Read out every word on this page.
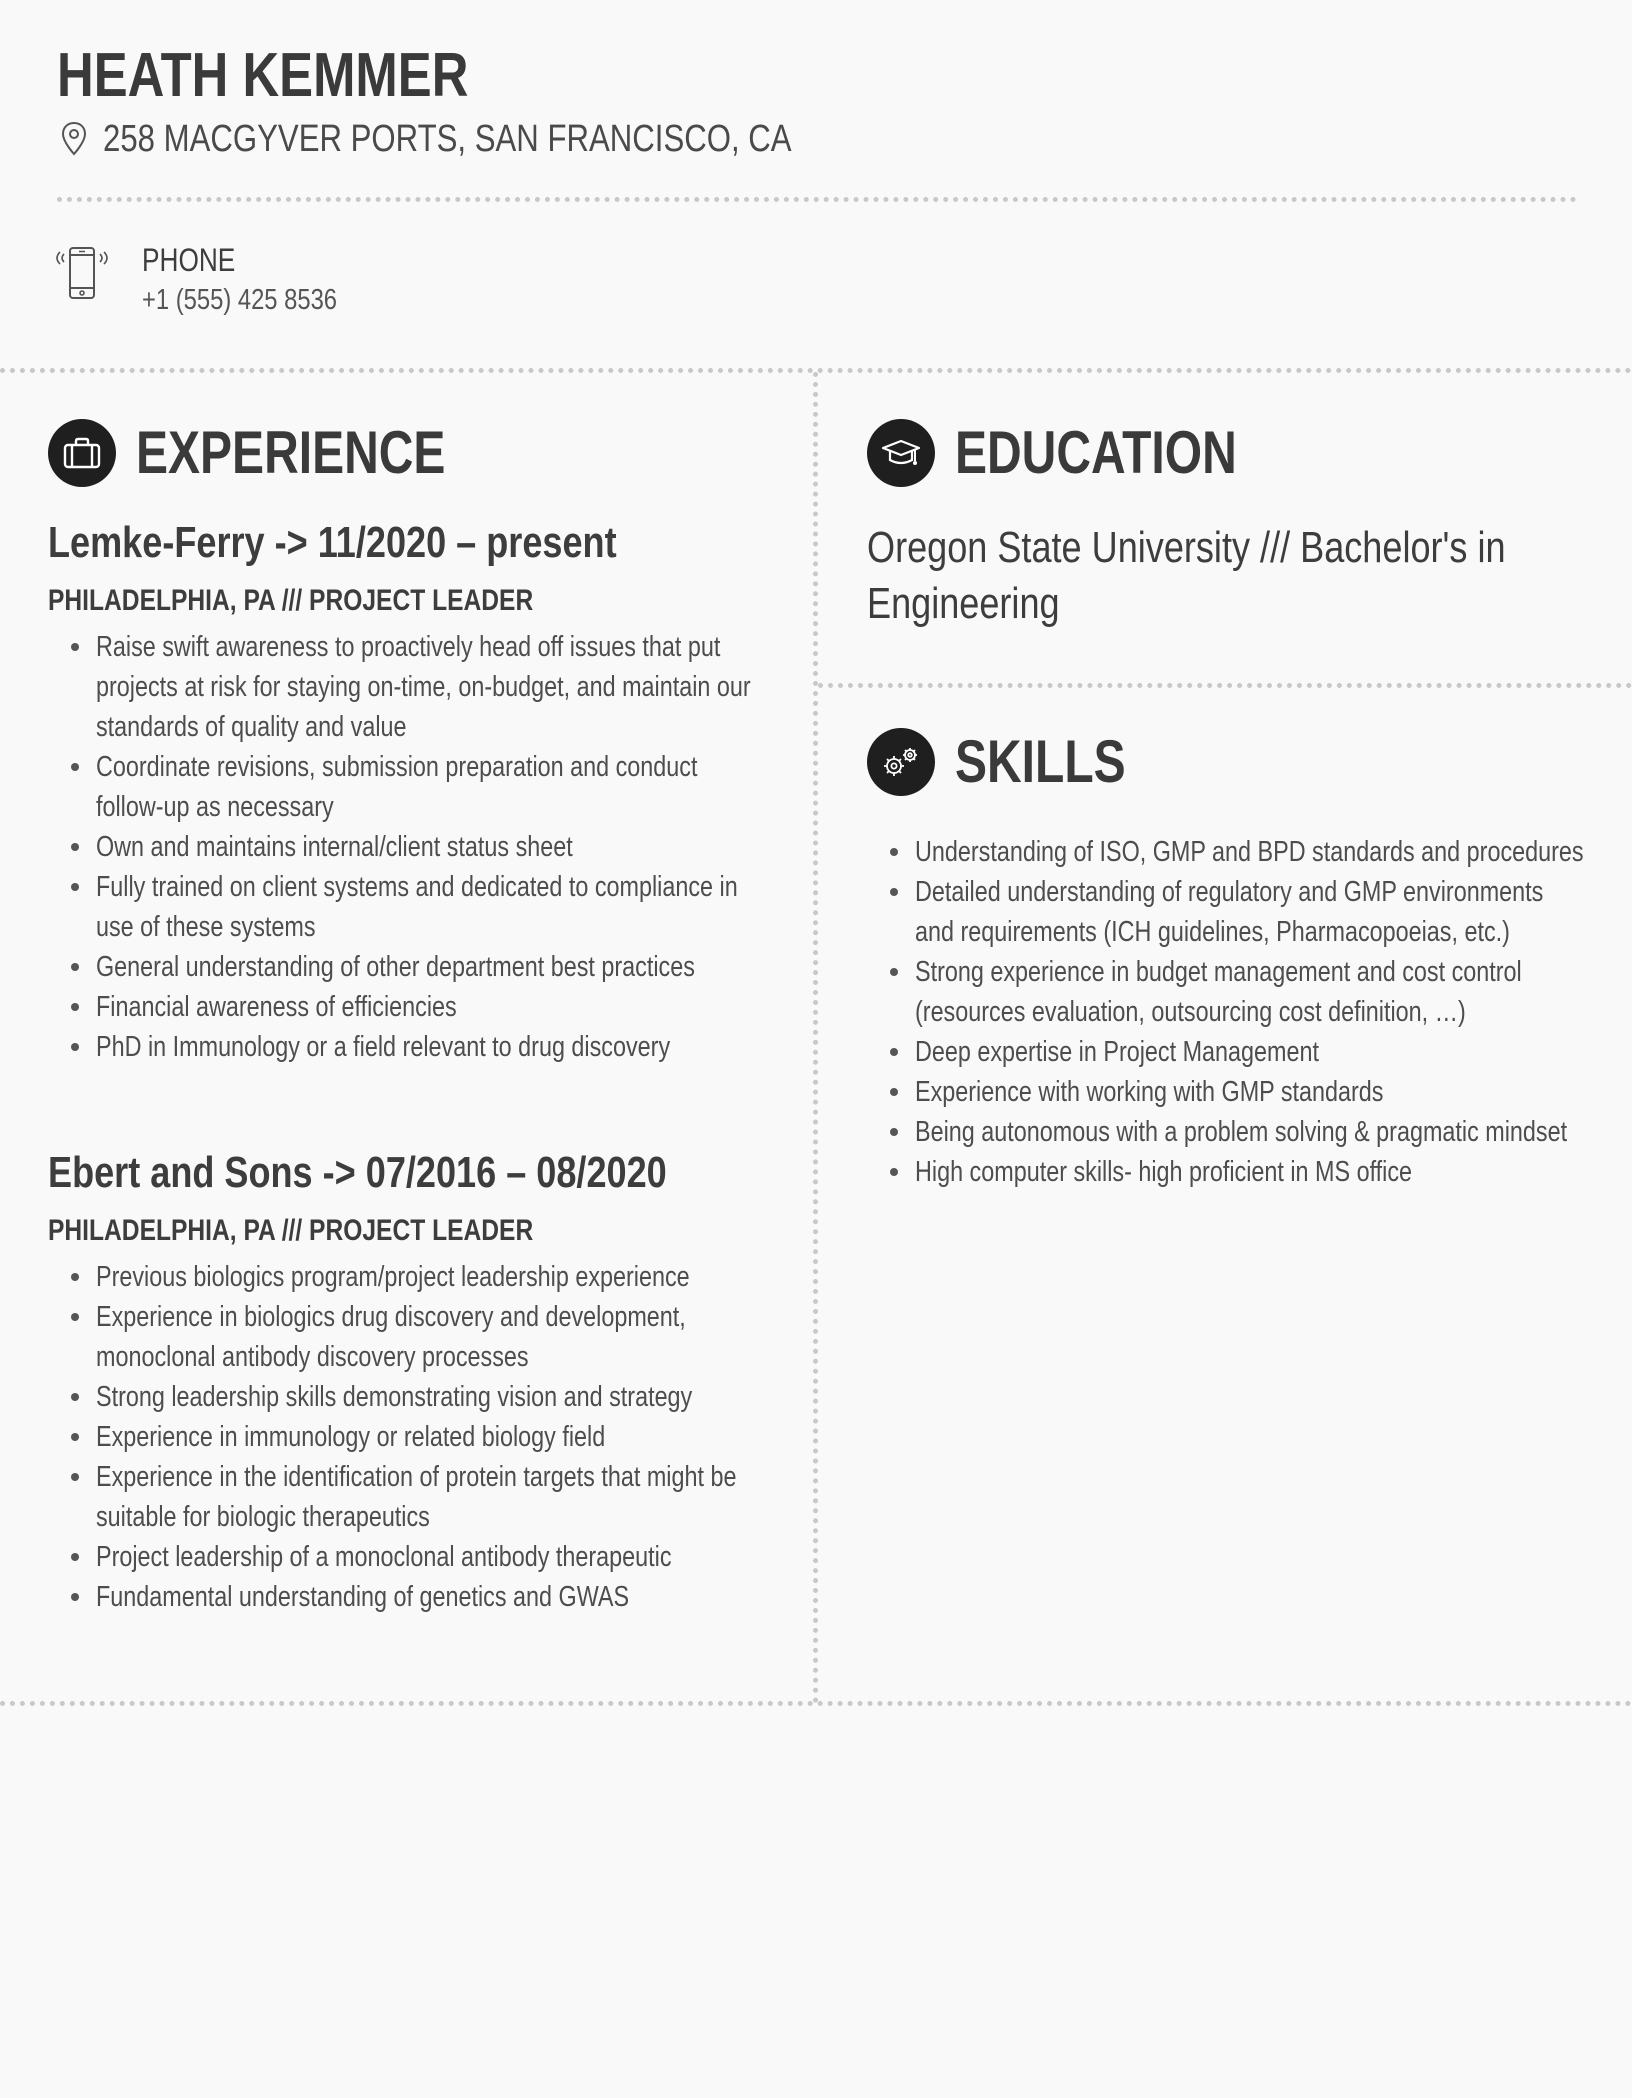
HEATH KEMMER
258 MACGYVER PORTS, SAN FRANCISCO, CA
PHONE
+1 (555) 425 8536
EXPERIENCE
Lemke-Ferry -> 11/2020 – present
PHILADELPHIA, PA /// PROJECT LEADER
Raise swift awareness to proactively head off issues that put projects at risk for staying on-time, on-budget, and maintain our standards of quality and value
Coordinate revisions, submission preparation and conduct follow-up as necessary
Own and maintains internal/client status sheet
Fully trained on client systems and dedicated to compliance in use of these systems
General understanding of other department best practices
Financial awareness of efficiencies
PhD in Immunology or a field relevant to drug discovery
Ebert and Sons -> 07/2016 – 08/2020
PHILADELPHIA, PA /// PROJECT LEADER
Previous biologics program/project leadership experience
Experience in biologics drug discovery and development, monoclonal antibody discovery processes
Strong leadership skills demonstrating vision and strategy
Experience in immunology or related biology field
Experience in the identification of protein targets that might be suitable for biologic therapeutics
Project leadership of a monoclonal antibody therapeutic
Fundamental understanding of genetics and GWAS
EDUCATION
Oregon State University /// Bachelor's in Engineering
SKILLS
Understanding of ISO, GMP and BPD standards and procedures
Detailed understanding of regulatory and GMP environments and requirements (ICH guidelines, Pharmacopoeias, etc.)
Strong experience in budget management and cost control (resources evaluation, outsourcing cost definition, …)
Deep expertise in Project Management
Experience with working with GMP standards
Being autonomous with a problem solving & pragmatic mindset
High computer skills- high proficient in MS office
